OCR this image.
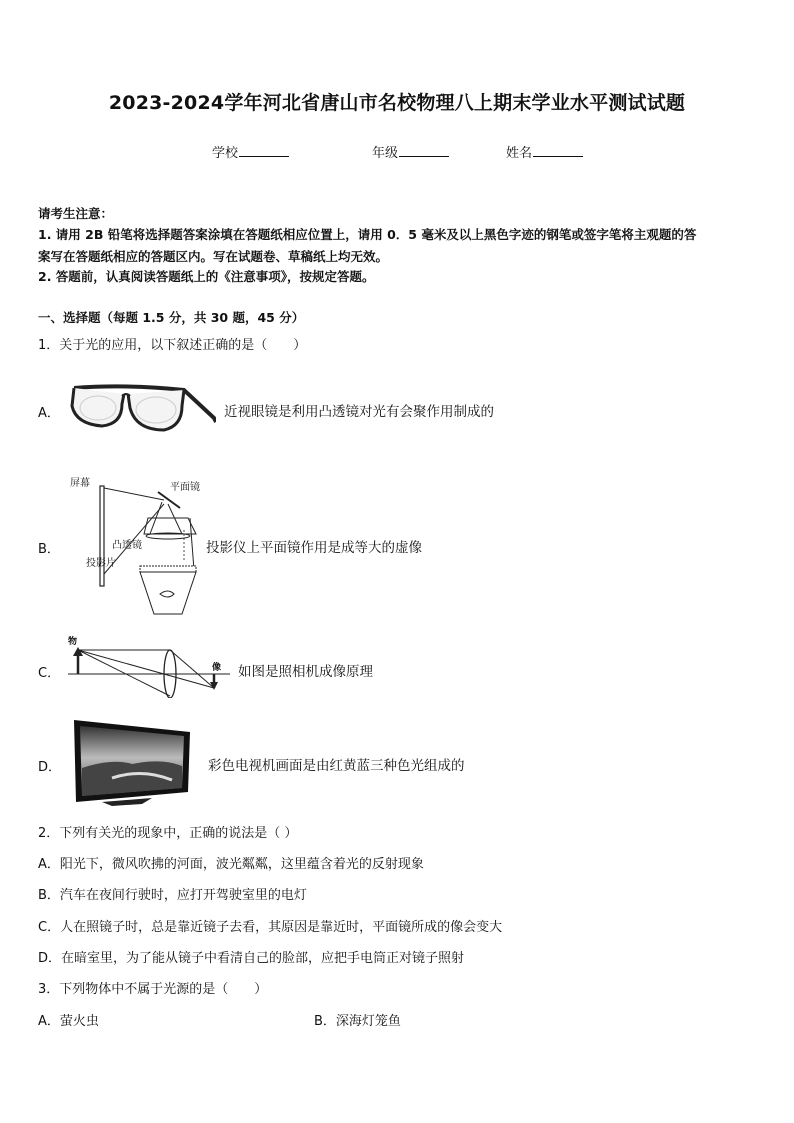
2023-2024学年河北省唐山市名校物理八上期末学业水平测试试题
学校	年级	姓名
请考生注意：
1. 请用 2B 铅笔将选择题答案涂填在答题纸相应位置上，请用 0．5 毫米及以上黑色字迹的钢笔或签字笔将主观题的答
案写在答题纸相应的答题区内。写在试题卷、草稿纸上均无效。
2. 答题前，认真阅读答题纸上的《注意事项》，按规定答题。
一、选择题（每题 1.5 分，共 30 题，45 分）
1．关于光的应用，以下叙述正确的是（　　）
A．	近视眼镜是利用凸透镜对光有会聚作用制成的
B．
屏幕	平面镜
凸透镜
投影片
投影仪上平面镜作用是成等大的虚像
C．
物
像 如图是照相机成像原理
D．	彩色电视机画面是由红黄蓝三种色光组成的
2．下列有关光的现象中，正确的说法是（ ）
A．阳光下，微风吹拂的河面，波光粼粼，这里蕴含着光的反射现象
B．汽车在夜间行驶时，应打开驾驶室里的电灯
C．人在照镜子时，总是靠近镜子去看，其原因是靠近时，平面镜所成的像会变大
D．在暗室里，为了能从镜子中看清自己的脸部，应把手电筒正对镜子照射
3．下列物体中不属于光源的是（　　）
A．萤火虫	B．深海灯笼鱼
